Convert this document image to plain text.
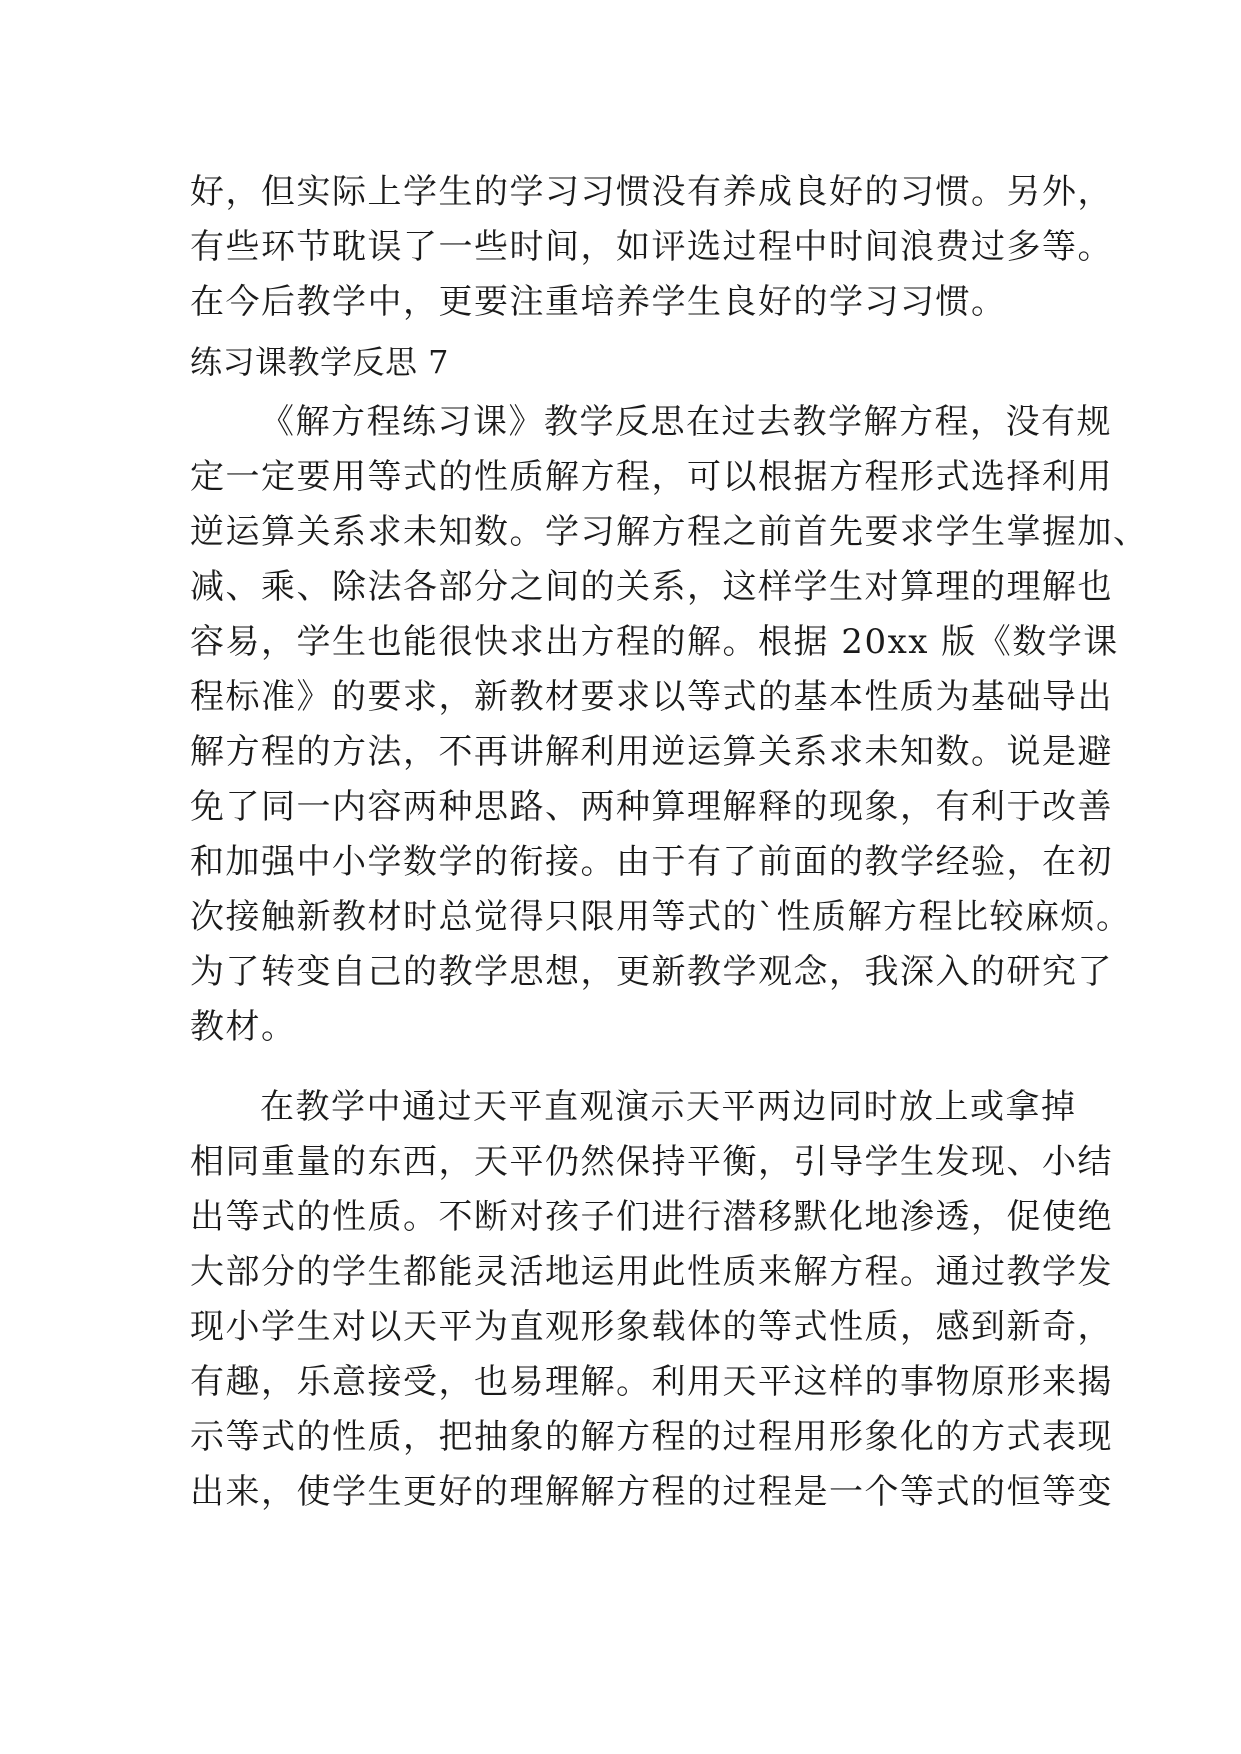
好，但实际上学生的学习习惯没有养成良好的习惯。另外，
有些环节耽误了一些时间，如评选过程中时间浪费过多等。
在今后教学中，更要注重培养学生良好的学习习惯。
练习课教学反思 7
《解方程练习课》教学反思在过去教学解方程，没有规
定一定要用等式的性质解方程，可以根据方程形式选择利用
逆运算关系求未知数。学习解方程之前首先要求学生掌握加、
减、乘、除法各部分之间的关系，这样学生对算理的理解也
容易，学生也能很快求出方程的解。根据 20xx 版《数学课
程标准》的要求，新教材要求以等式的基本性质为基础导出
解方程的方法，不再讲解利用逆运算关系求未知数。说是避
免了同一内容两种思路、两种算理解释的现象，有利于改善
和加强中小学数学的衔接。由于有了前面的教学经验，在初
次接触新教材时总觉得只限用等式的`性质解方程比较麻烦。
为了转变自己的教学思想，更新教学观念，我深入的研究了
教材。
在教学中通过天平直观演示天平两边同时放上或拿掉
相同重量的东西，天平仍然保持平衡，引导学生发现、小结
出等式的性质。不断对孩子们进行潜移默化地渗透，促使绝
大部分的学生都能灵活地运用此性质来解方程。通过教学发
现小学生对以天平为直观形象载体的等式性质，感到新奇，
有趣，乐意接受，也易理解。利用天平这样的事物原形来揭
示等式的性质，把抽象的解方程的过程用形象化的方式表现
出来，使学生更好的理解解方程的过程是一个等式的恒等变
